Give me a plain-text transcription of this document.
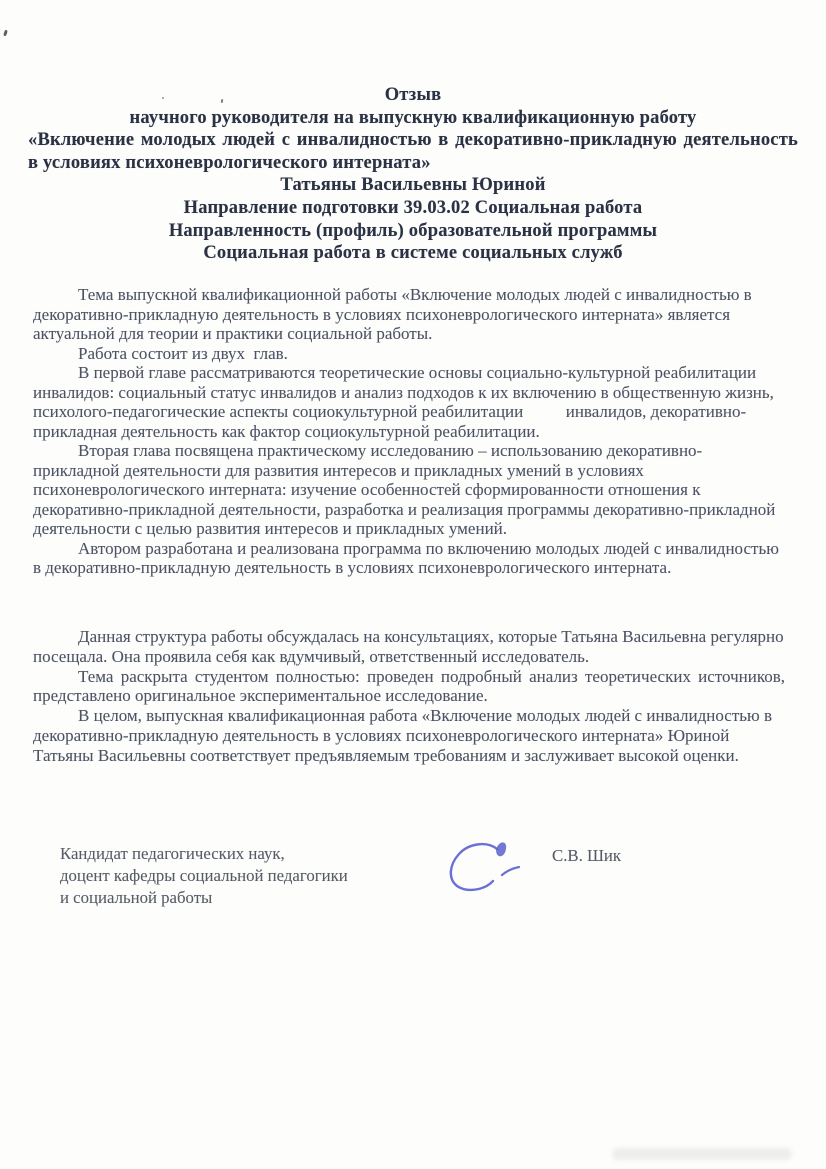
Отзыв
научного руководителя на выпускную квалификационную работу
«Включение молодых людей с инвалидностью в декоративно-прикладную деятельность в условиях психоневрологического интерната»
Татьяны Васильевны Юриной
Направление подготовки 39.03.02 Социальная работа
Направленность (профиль) образовательной программы
Социальная работа в системе социальных служб

Тема выпускной квалификационной работы «Включение молодых людей с инвалидностью в декоративно-прикладную деятельность в условиях психоневрологического интерната» является актуальной для теории и практики социальной работы.

Работа состоит из двух  глав.

В первой главе рассматриваются теоретические основы социально-культурной реабилитации          инвалидов: социальный статус инвалидов и анализ подходов к их включению в общественную жизнь, психолого-педагогические аспекты социокультурной реабилитации          инвалидов, декоративно-прикладная деятельность как фактор социокультурной реабилитации.

Вторая глава посвящена практическому исследованию – использованию декоративно-прикладной деятельности для развития интересов и прикладных умений в условиях психоневрологического интерната: изучение особенностей сформированности отношения к декоративно-прикладной деятельности, разработка и реализация программы декоративно-прикладной деятельности с целью развития интересов и прикладных умений.

Автором разработана и реализована программа по включению молодых людей с инвалидностью в декоративно-прикладную деятельность в условиях психоневрологического интерната.

Данная структура работы обсуждалась на консультациях, которые Татьяна Васильевна регулярно посещала. Она проявила себя как вдумчивый, ответственный исследователь.

Тема раскрыта студентом полностью: проведен подробный анализ теоретических источников, представлено оригинальное экспериментальное исследование.

В целом, выпускная квалификационная работа «Включение молодых людей с инвалидностью в декоративно-прикладную деятельность в условиях психоневрологического интерната» Юриной Татьяны Васильевны соответствует предъявляемым требованиям и заслуживает высокой оценки.

Кандидат педагогических наук,
доцент кафедры социальной педагогики
и социальной работы
С.В. Шик
